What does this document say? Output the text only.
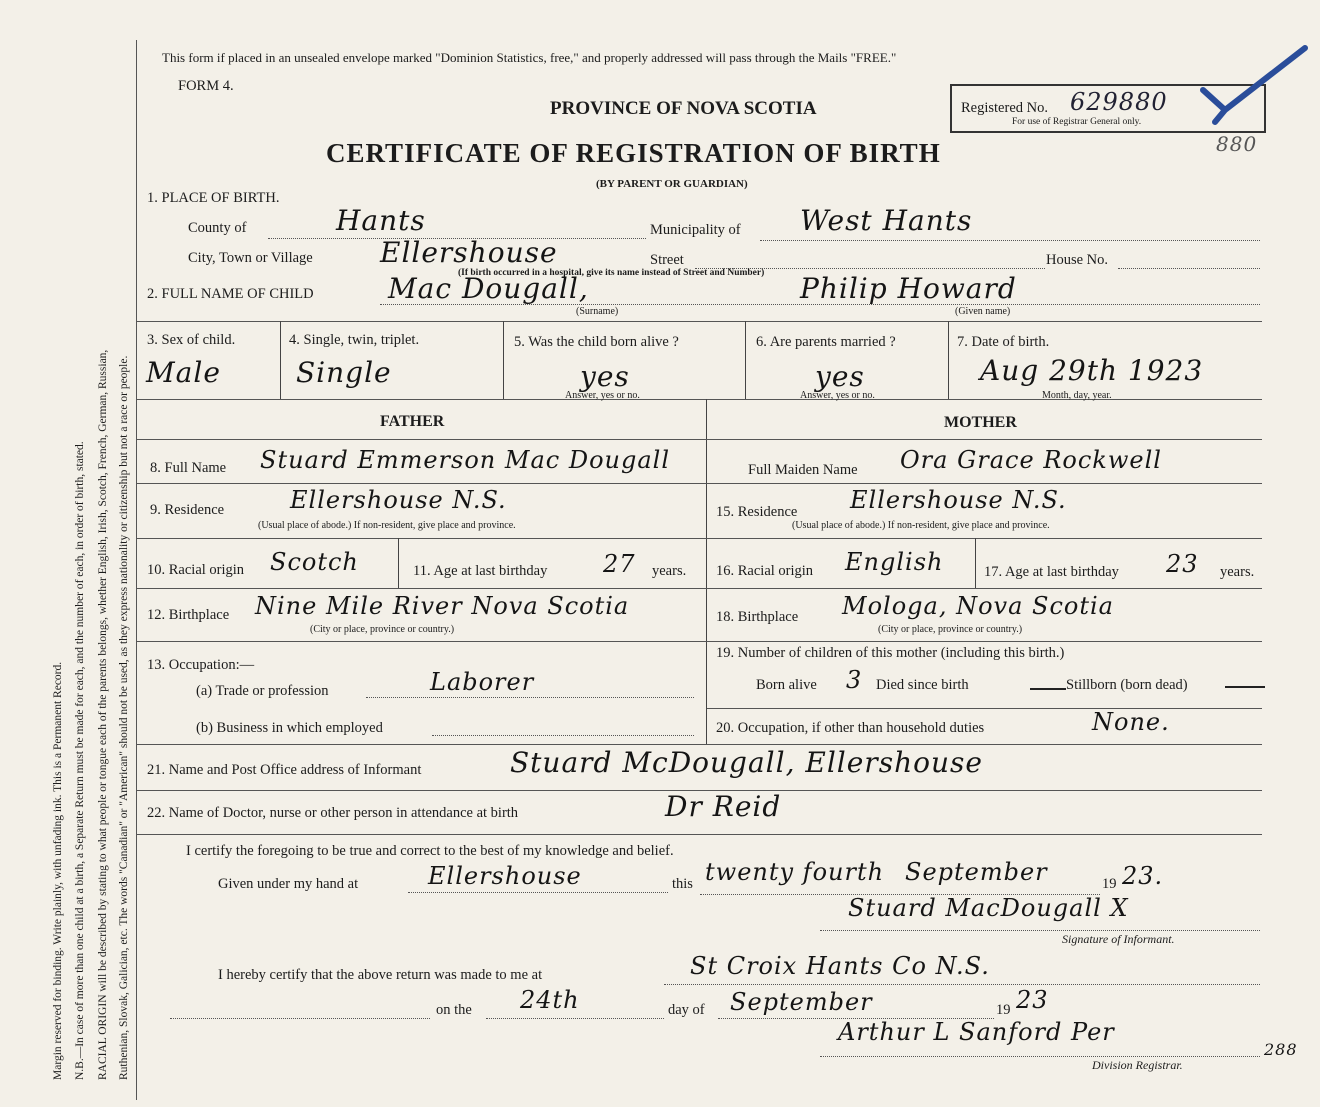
Margin reserved for binding. Write plainly, with unfading ink. This is a Permanent Record. N.B.—In case of more than one child at a birth, a Separate Return must be made for each, and the number of each, in order of birth, stated. RACIAL ORIGIN will be described by stating to what people or tongue each of the parents belongs, whether English, Irish, Scotch, French, German, Russian, Ruthenian, Slovak, Galician, etc. The words "Canadian" or "American" should not be used, as they express nationality or citizenship but not a race or people.
This form if placed in an unsealed envelope marked "Dominion Statistics, free," and properly addressed will pass through the Mails "FREE."
FORM 4.
PROVINCE OF NOVA SCOTIA
CERTIFICATE OF REGISTRATION OF BIRTH
(BY PARENT OR GUARDIAN)
Registered No. 629880
For use of Registrar General only.
880
1. PLACE OF BIRTH.
County of	Hants	Municipality of West Hants
City, Town or Village Ellershouse	Street	House No.
(If birth occurred in a hospital, give its name instead of Street and Number)
2. FULL NAME OF CHILD	Mac Dougall,	Philip Howard
(Surname)	(Given name)
3. Sex of child.
Male
4. Single, twin, triplet.
Single
5. Was the child born alive ?
yes
Answer, yes or no.
6. Are parents married ?
yes
Answer, yes or no.
7. Date of birth.
Aug 29th 1923
Month, day, year.
FATHER	MOTHER
8. Full Name Stuard Emmerson Mac Dougall	Full Maiden Name Ora Grace Rockwell
9. Residence	Ellershouse N.S.
(Usual place of abode.) If non-resident, give place and province.
15. Residence Ellershouse N.S.
(Usual place of abode.) If non-resident, give place and province.
10. Racial origin Scotch	11. Age at last birthday 27 years. 16. Racial origin English	17. Age at last birthday 23 years.
12. Birthplace Nine Mile River Nova Scotia
(City or place, province or country.)
18. Birthplace Mologa, Nova Scotia
(City or place, province or country.)
13. Occupation:—
(a) Trade or profession	Laborer
(b) Business in which employed
19. Number of children of this mother (including this birth.)
Born alive 3 Died since birth	Stillborn (born dead)
20. Occupation, if other than household duties	None.
21. Name and Post Office address of Informant	Stuard McDougall, Ellershouse
22. Name of Doctor, nurse or other person in attendance at birth	Dr Reid
I certify the foregoing to be true and correct to the best of my knowledge and belief.
Given under my hand at	Ellershouse	this twenty fourth September	19 23.
Stuard MacDougall X
Signature of Informant.
I hereby certify that the above return was made to me at	St Croix Hants Co N.S.
on the 24th	day of September	19 23
Arthur L Sanford Per
Division Registrar.
288
